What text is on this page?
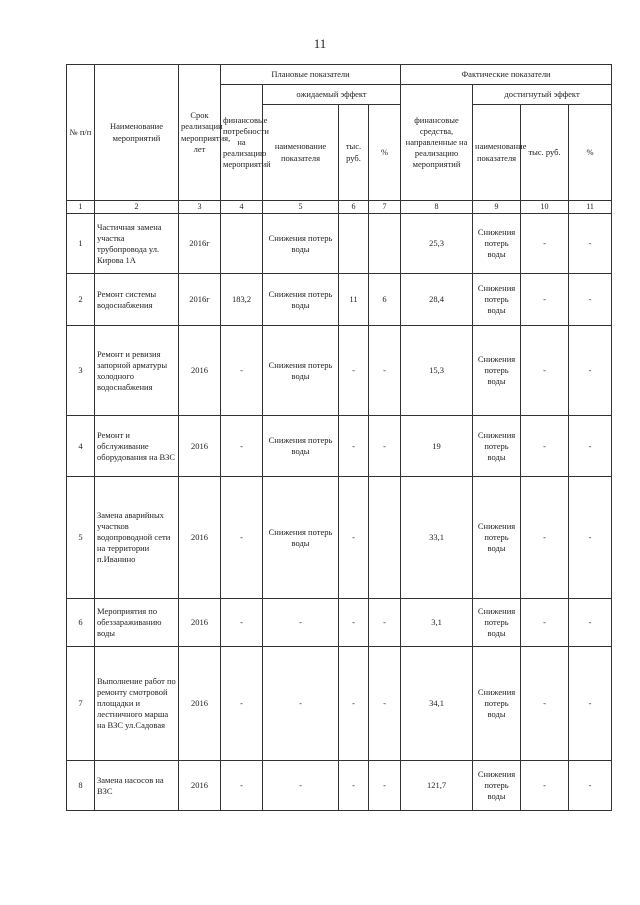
11
№ п/п	Наименование мероприятий	Срок реализации мероприятия, лет	Плановые показатели				Фактические показатели			
			финансовые потребности на реализацию мероприятий	ожидаемый эффект			финансовые средства, направленные на реализацию мероприятий	достигнутый эффект		
				наименование показателя	тыс. руб.	%		наименование показателя	тыс. руб.	%
1	2	3	4	5	6	7	8	9	10	11
1	Частичная замена участка трубопровода ул. Кирова 1А	2016г		Снижения потерь воды			25,3	Снижения потерь воды	-	-
2	Ремонт системы водоснабжения	2016г	183,2	Снижения потерь воды	11	6	28,4	Снижения потерь воды	-	-
3	Ремонт и ревизия запорной арматуры холодного водоснабжения	2016	-	Снижения потерь воды	-	-	15,3	Снижения потерь воды	-	-
4	Ремонт и обслуживание оборудования на ВЗС	2016	-	Снижения потерь воды	-	-	19	Снижения потерь воды	-	-
5	Замена аварийных участков водопроводной сети на территории п.Иванино	2016	-	Снижения потерь воды	-		33,1	Снижения потерь воды	-	-
6	Мероприятия по обеззараживанию воды	2016	-	-	-	-	3,1	Снижения потерь воды	-	-
7	Выполнение работ по ремонту смотровой площадки и лестничного марша на ВЗС ул.Садовая	2016	-	-	-	-	34,1	Снижения потерь воды	-	-
8	Замена насосов на ВЗС	2016	-	-	-	-	121,7	Снижения потерь воды	-	-
